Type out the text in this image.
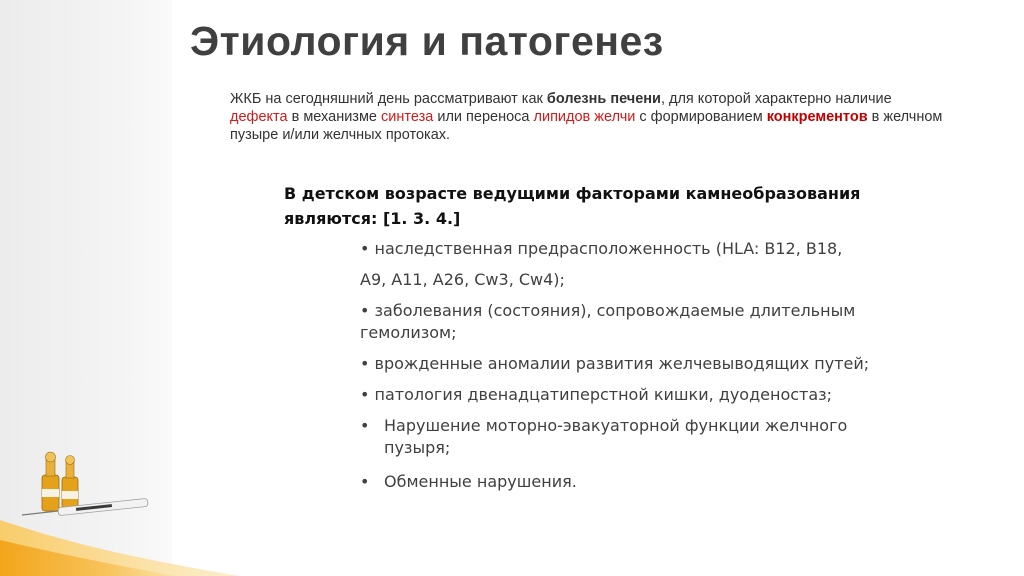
Этиология и патогенез
ЖКБ на сегодняшний день рассматривают как болезнь печени, для которой характерно наличие дефекта в механизме синтеза или переноса липидов желчи с формированием конкрементов в желчном пузыре и/или желчных протоках.
В детском возрасте ведущими факторами камнеобразования являются: [1. 3. 4.]

• наследственная предрасположенность (HLA: B12, B18,

A9, A11, A26, Cw3, Cw4);

• заболевания (состояния), сопровождаемые длительным гемолизом;

• врожденные аномалии развития желчевыводящих путей;

• патология двенадцатиперстной кишки, дуоденостаз;

• Нарушение моторно-эвакуаторной функции желчного пузыря;
• Обменные нарушения.
